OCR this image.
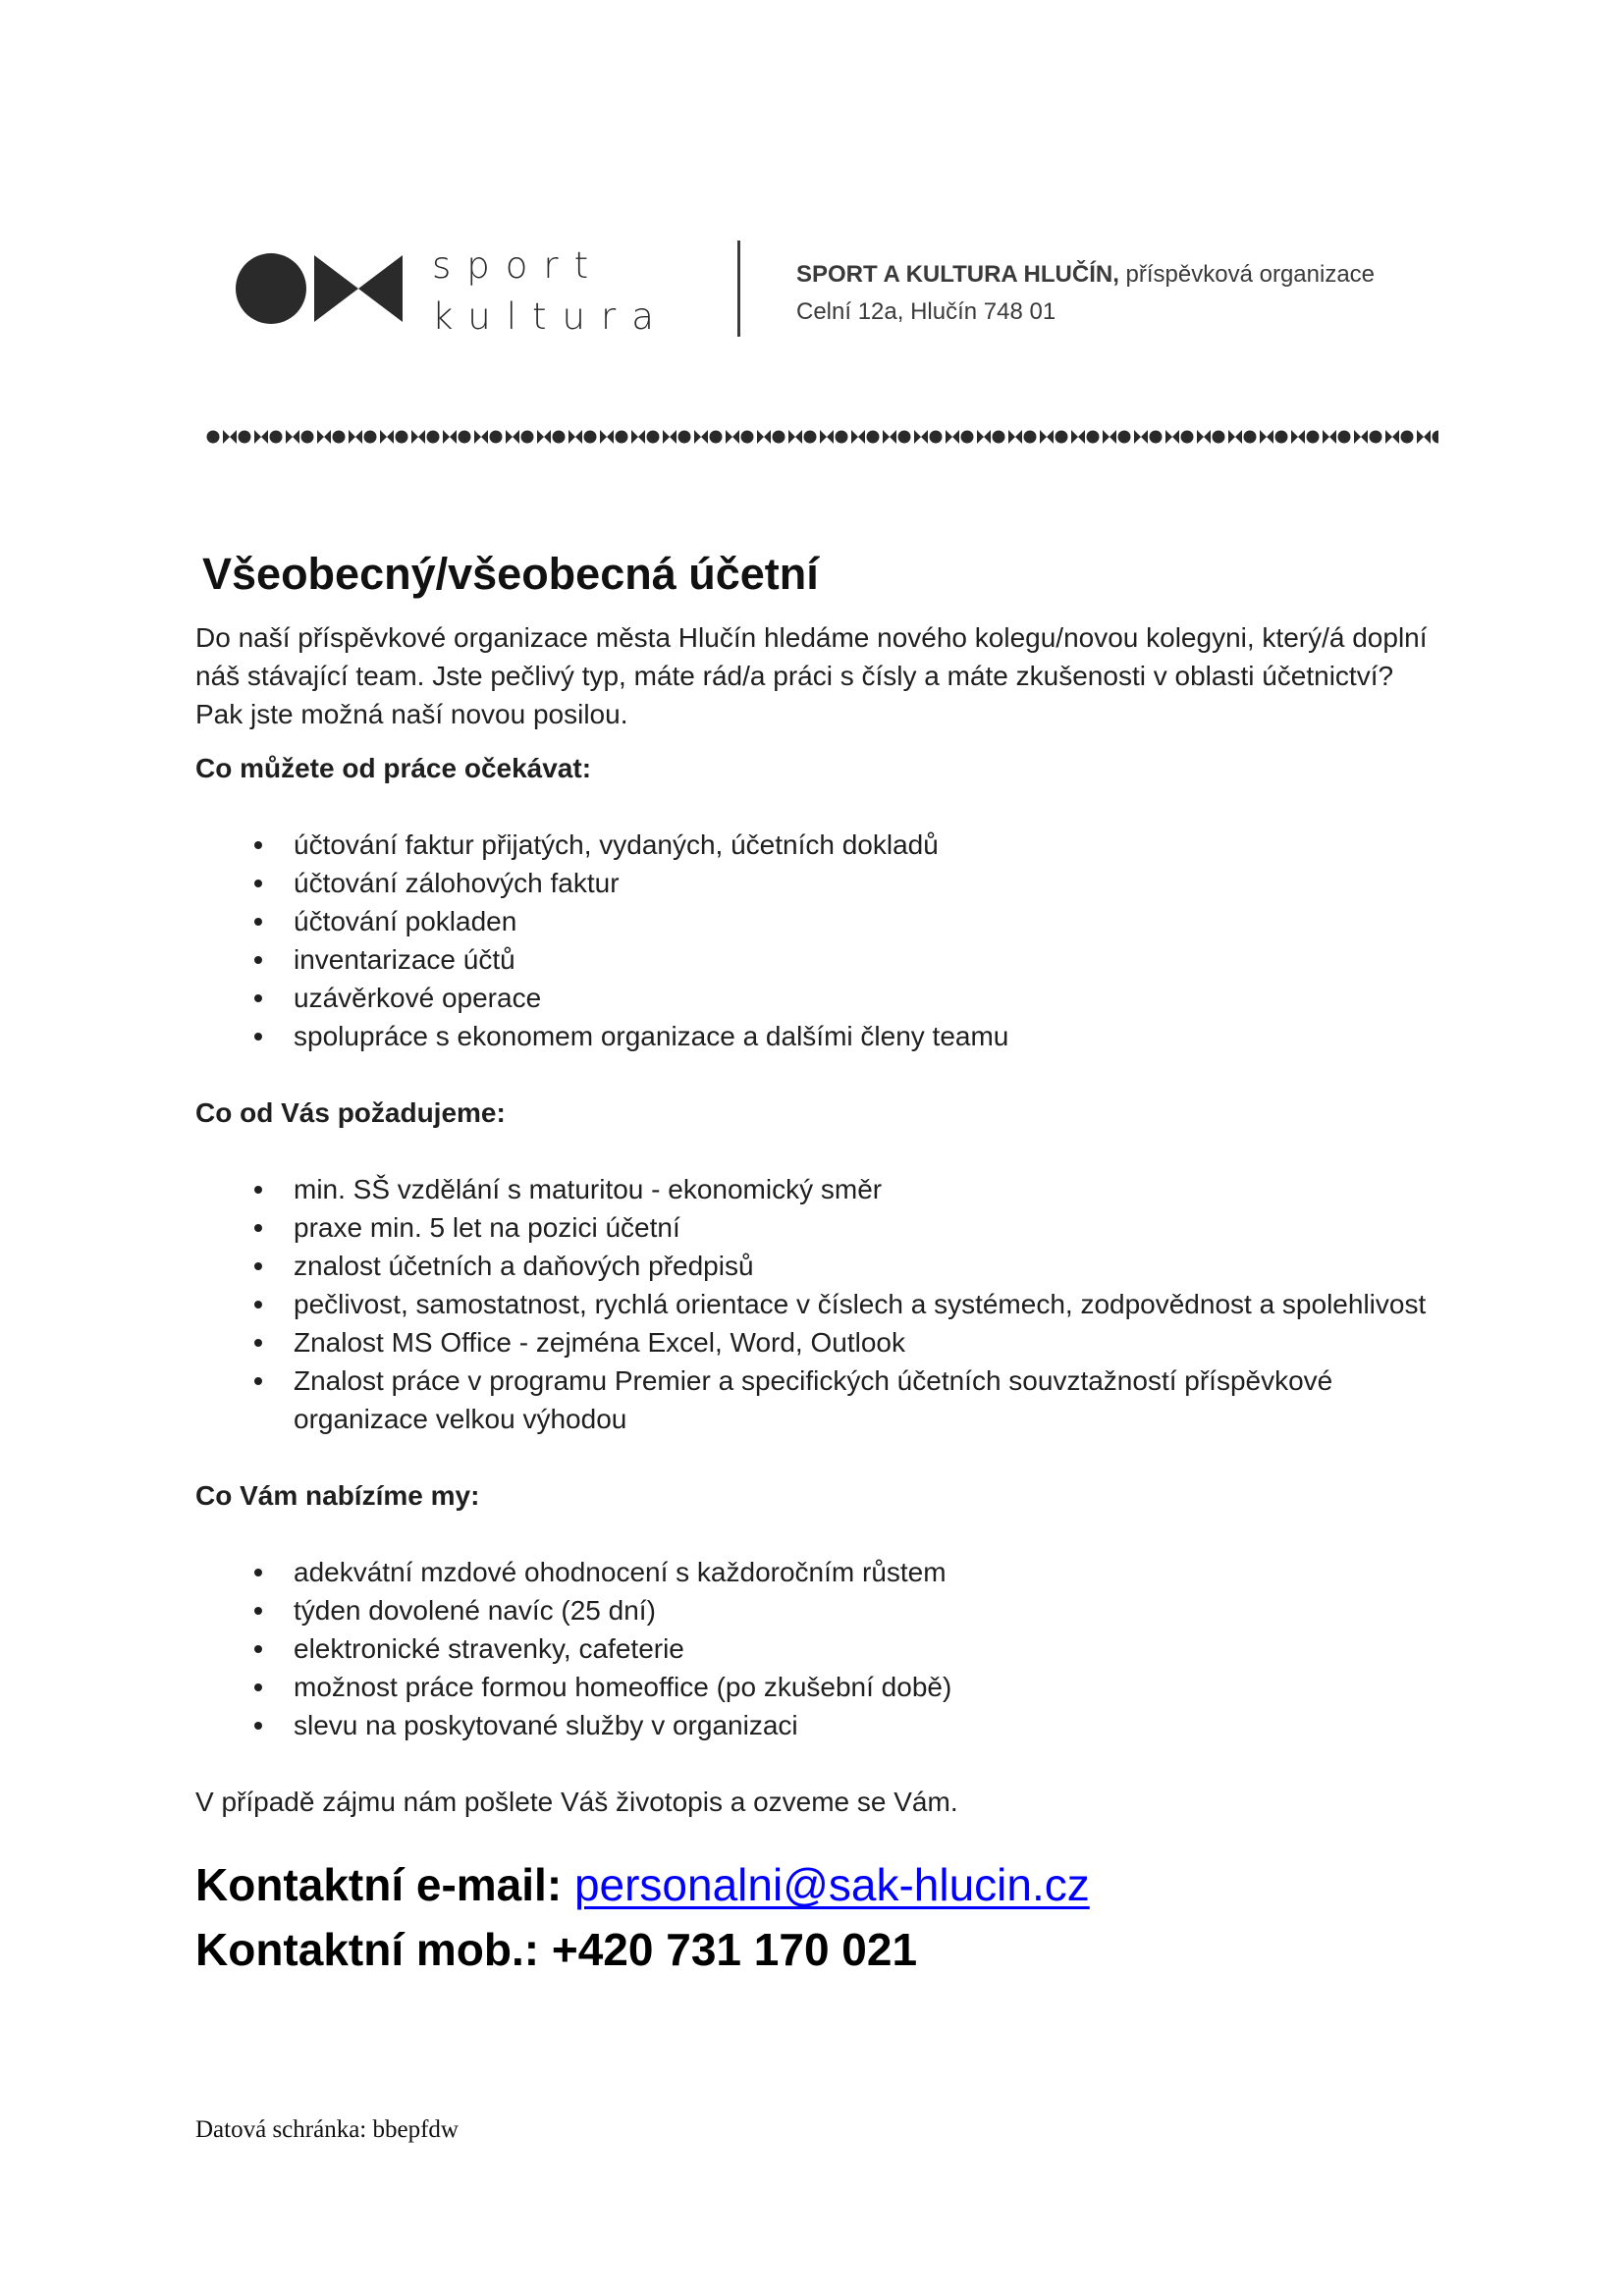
sport
kultura
SPORT A KULTURA HLUČÍN, příspěvková organizace
Celní 12a, Hlučín 748 01
Všeobecný/všeobecná účetní

Do naší příspěvkové organizace města Hlučín hledáme nového kolegu/novou kolegyni, který/á doplní náš stávající team. Jste pečlivý typ, máte rád/a práci s čísly a máte zkušenosti v oblasti účetnictví? Pak jste možná naší novou posilou.

Co můžete od práce očekávat:
účtování faktur přijatých, vydaných, účetních dokladů
účtování zálohových faktur
účtování pokladen
inventarizace účtů
uzávěrkové operace
spolupráce s ekonomem organizace a dalšími členy teamu
Co od Vás požadujeme:
min. SŠ vzdělání s maturitou - ekonomický směr
praxe min. 5 let na pozici účetní
znalost účetních a daňových předpisů
pečlivost, samostatnost, rychlá orientace v číslech a systémech, zodpovědnost a spolehlivost
Znalost MS Office - zejména Excel, Word, Outlook
Znalost práce v programu Premier a specifických účetních souvztažností příspěvkové organizace velkou výhodou
Co Vám nabízíme my:
adekvátní mzdové ohodnocení s každoročním růstem
týden dovolené navíc (25 dní)
elektronické stravenky, cafeterie
možnost práce formou homeoffice (po zkušební době)
slevu na poskytované služby v organizaci

V případě zájmu nám pošlete Váš životopis a ozveme se Vám.

Kontaktní e-mail: personalni@sak-hlucin.cz
Kontaktní mob.: +420 731 170 021
Datová schránka: bbepfdw
